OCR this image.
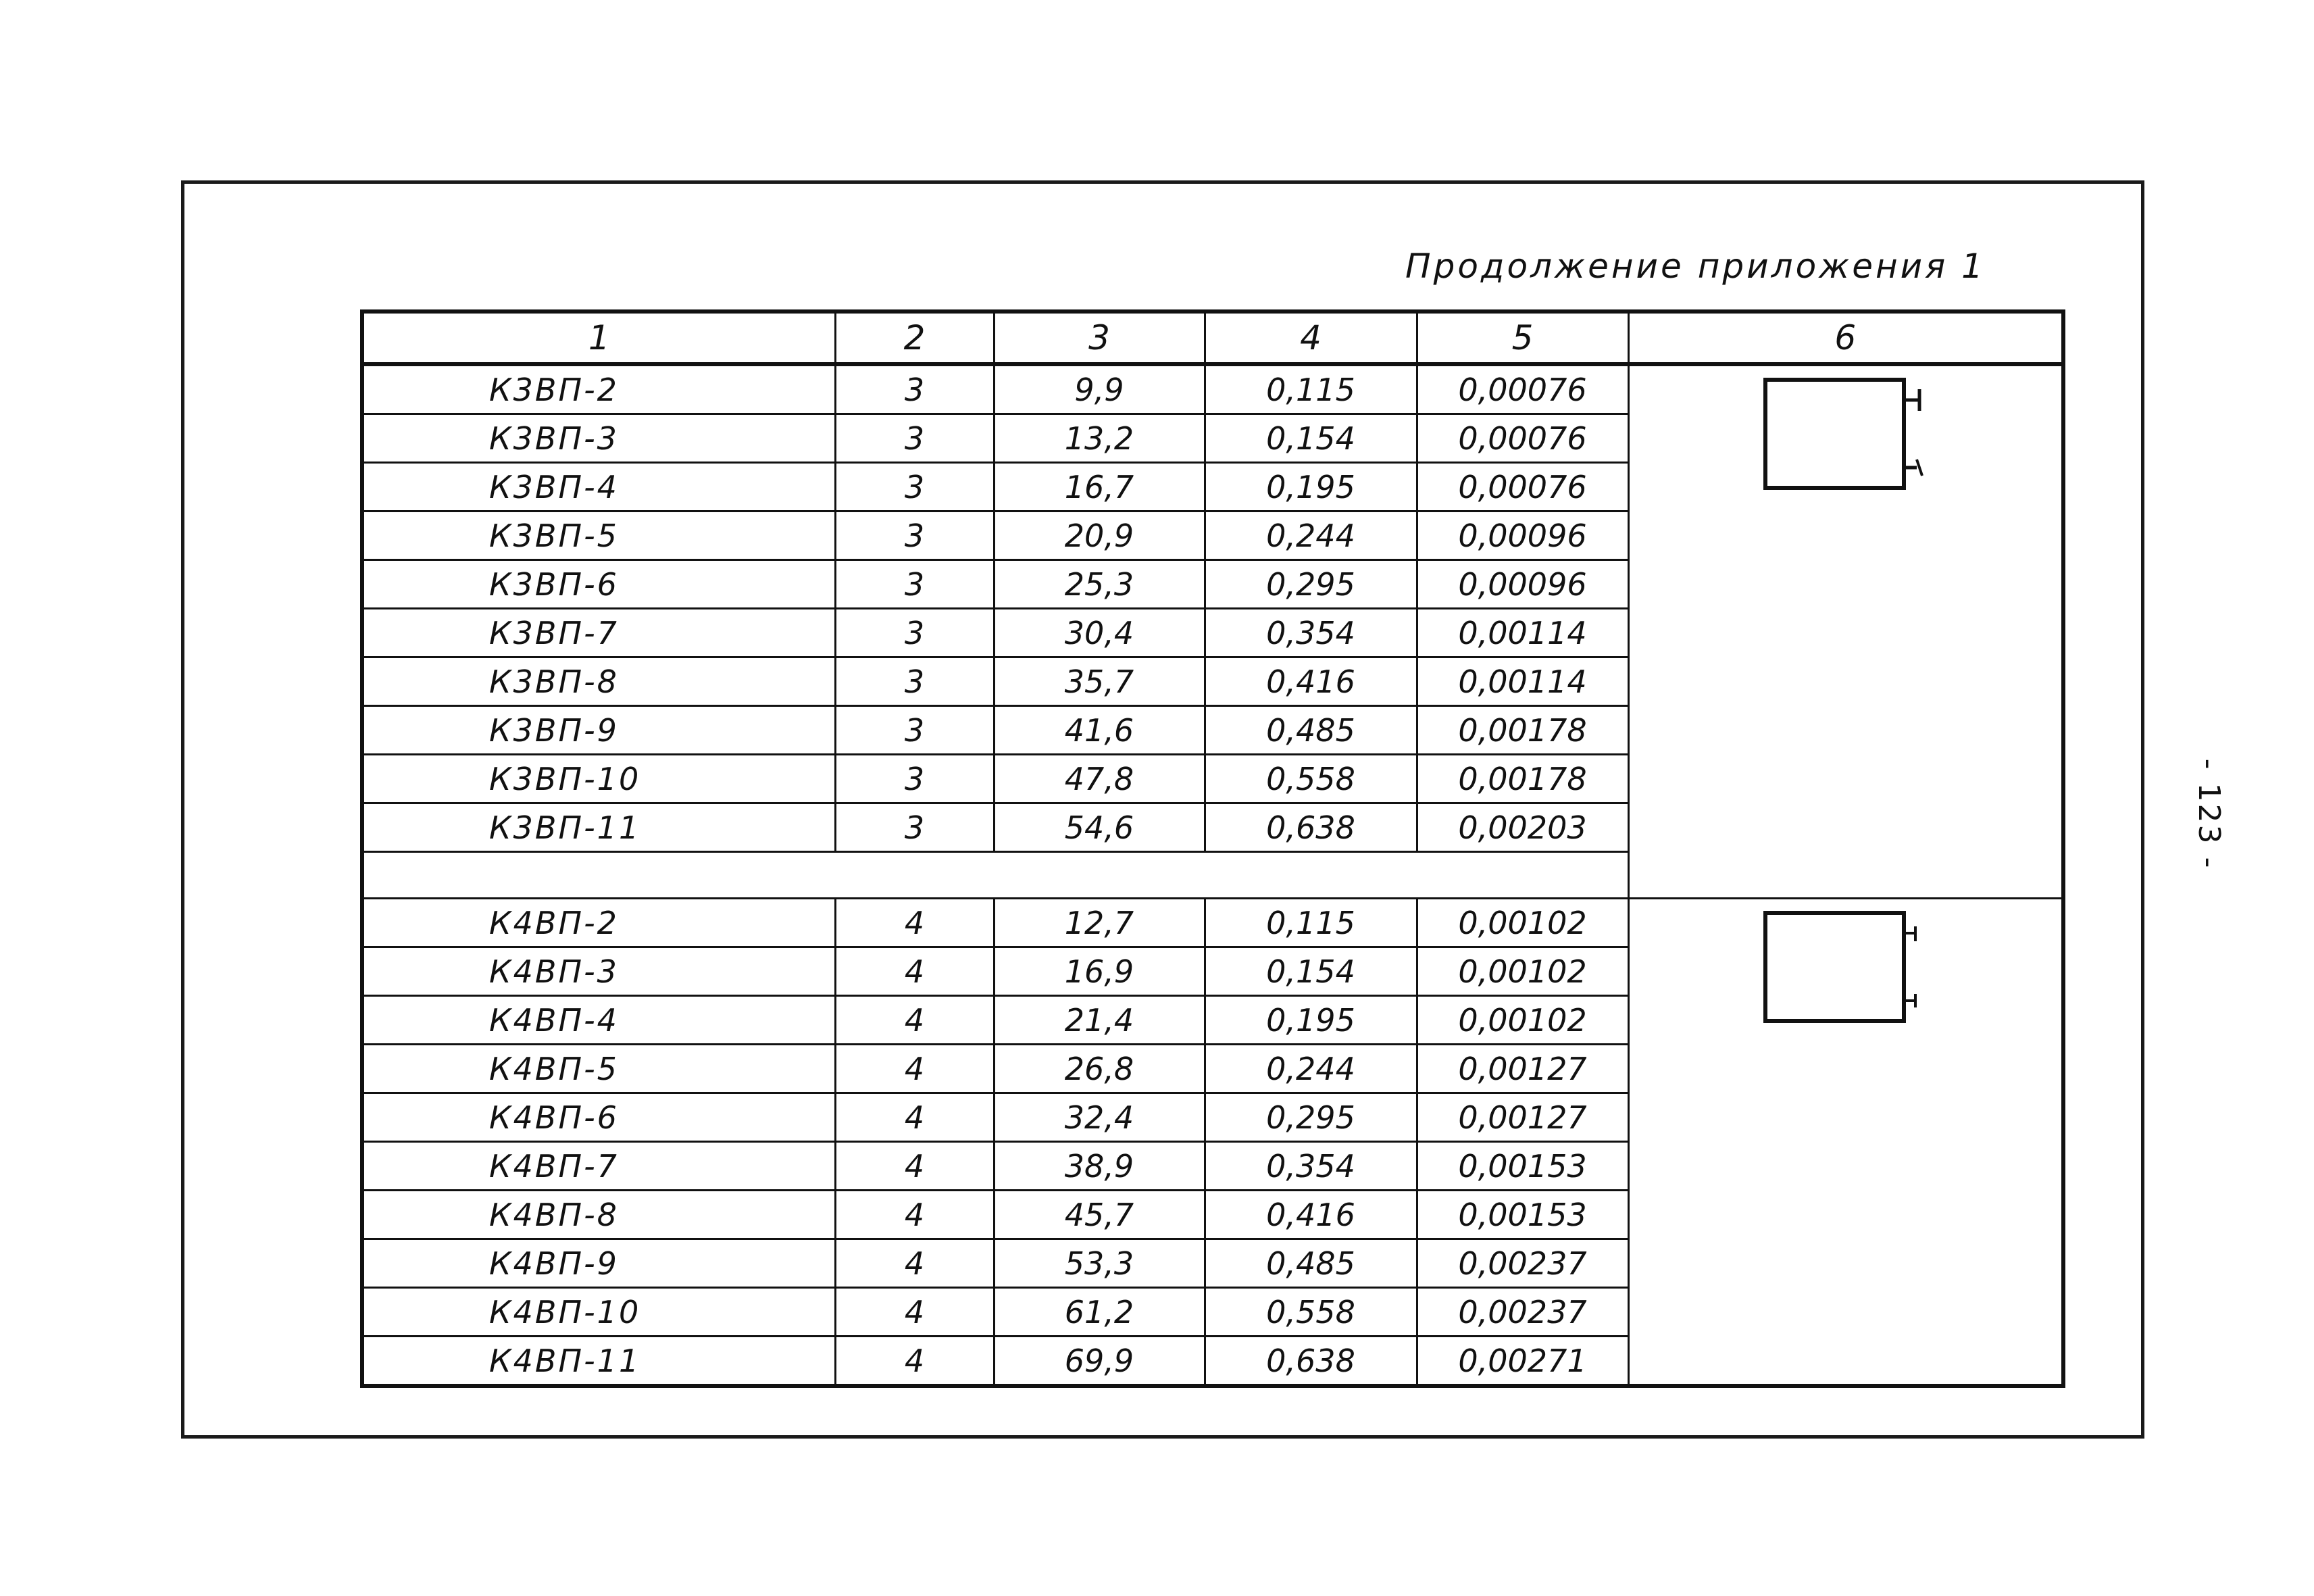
Продолжение приложения 1
- 123 -
1	2	3	4	5	6
К3ВП-2	3	9,9	0,115	0,00076	

К3ВП-3	3	13,2	0,154	0,00076	
К3ВП-4	3	16,7	0,195	0,00076	
К3ВП-5	3	20,9	0,244	0,00096	
К3ВП-6	3	25,3	0,295	0,00096	
К3ВП-7	3	30,4	0,354	0,00114	
К3ВП-8	3	35,7	0,416	0,00114	
К3ВП-9	3	41,6	0,485	0,00178	
К3ВП-10	3	47,8	0,558	0,00178	
К3ВП-11	3	54,6	0,638	0,00203	

К4ВП-2	4	12,7	0,115	0,00102	

К4ВП-3	4	16,9	0,154	0,00102	
К4ВП-4	4	21,4	0,195	0,00102	
К4ВП-5	4	26,8	0,244	0,00127	
К4ВП-6	4	32,4	0,295	0,00127	
К4ВП-7	4	38,9	0,354	0,00153	
К4ВП-8	4	45,7	0,416	0,00153	
К4ВП-9	4	53,3	0,485	0,00237	
К4ВП-10	4	61,2	0,558	0,00237	
К4ВП-11	4	69,9	0,638	0,00271	
